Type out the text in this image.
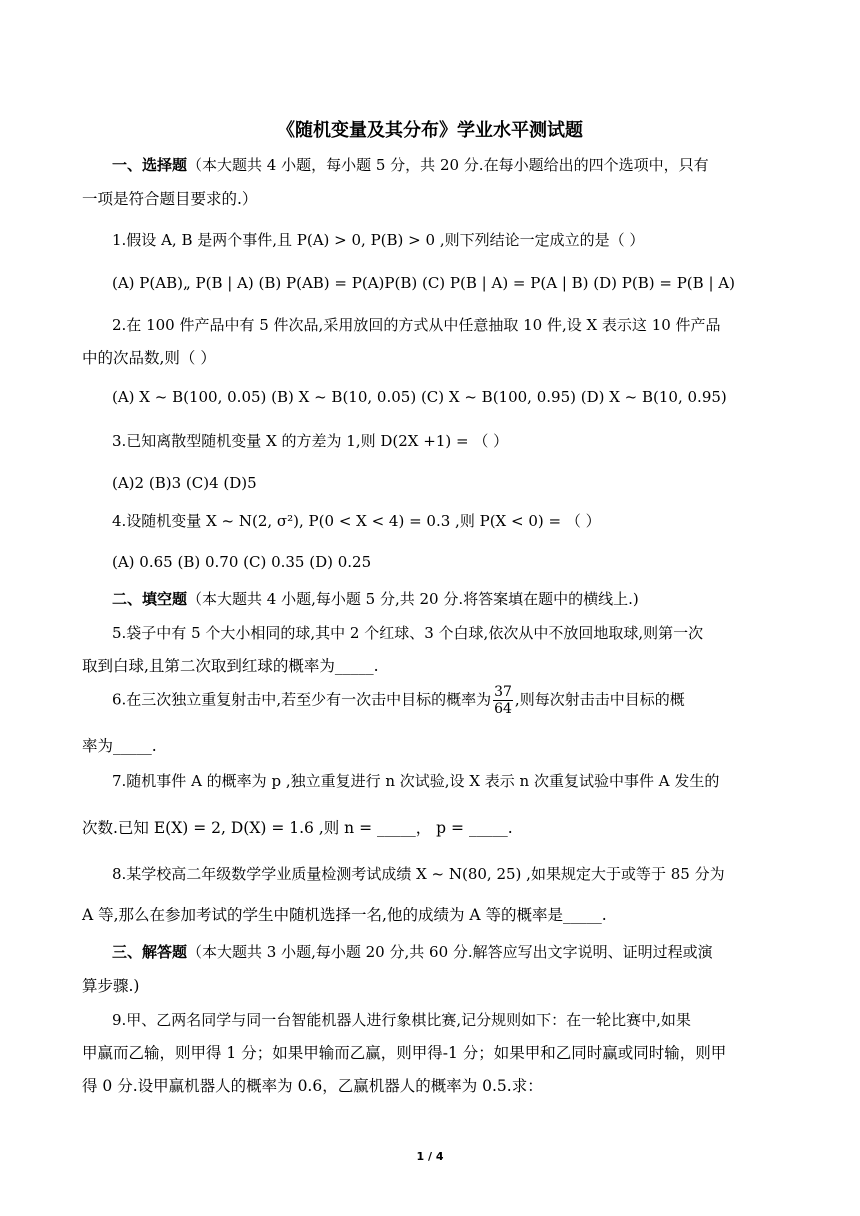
《随机变量及其分布》学业水平测试题
一、选择题（本大题共 4 小题，每小题 5 分，共 20 分.在每小题给出的四个选项中，只有
一项是符合题目要求的.）
1.假设 A, B 是两个事件,且 P(A) > 0, P(B) > 0 ,则下列结论一定成立的是（ ）
(A) P(AB)„ P(B | A) (B) P(AB) = P(A)P(B) (C) P(B | A) = P(A | B) (D) P(B) = P(B | A)
2.在 100 件产品中有 5 件次品,采用放回的方式从中任意抽取 10 件,设 X 表示这 10 件产品
中的次品数,则（ ）
(A) X ~ B(100, 0.05) (B) X ~ B(10, 0.05) (C) X ~ B(100, 0.95) (D) X ~ B(10, 0.95)
3.已知离散型随机变量 X 的方差为 1,则 D(2X +1) = （ ）
(A)2 (B)3 (C)4 (D)5
4.设随机变量 X ~ N(2, σ²), P(0 < X < 4) = 0.3 ,则 P(X < 0) = （ ）
(A) 0.65 (B) 0.70 (C) 0.35 (D) 0.25
二、填空题（本大题共 4 小题,每小题 5 分,共 20 分.将答案填在题中的横线上.)
5.袋子中有 5 个大小相同的球,其中 2 个红球、3 个白球,依次从中不放回地取球,则第一次
取到白球,且第二次取到红球的概率为_____.
6.在三次独立重复射击中,若至少有一次击中目标的概率为 $\frac{37}{64}$ ,则每次射击击中目标的概
率为_____.
7.随机事件 A 的概率为 p ,独立重复进行 n 次试验,设 X 表示 n 次重复试验中事件 A 发生的
次数.已知 E(X) = 2, D(X) = 1.6 ,则 n = _____， p = _____.
8.某学校高二年级数学学业质量检测考试成绩 X ~ N(80, 25) ,如果规定大于或等于 85 分为
A 等,那么在参加考试的学生中随机选择一名,他的成绩为 A 等的概率是_____.
三、解答题（本大题共 3 小题,每小题 20 分,共 60 分.解答应写出文字说明、证明过程或演
算步骤.)
9.甲、乙两名同学与同一台智能机器人进行象棋比赛,记分规则如下：在一轮比赛中,如果
甲赢而乙输，则甲得 1 分；如果甲输而乙赢，则甲得-1 分；如果甲和乙同时赢或同时输，则甲
得 0 分.设甲赢机器人的概率为 0.6，乙赢机器人的概率为 0.5.求：
1 / 4
